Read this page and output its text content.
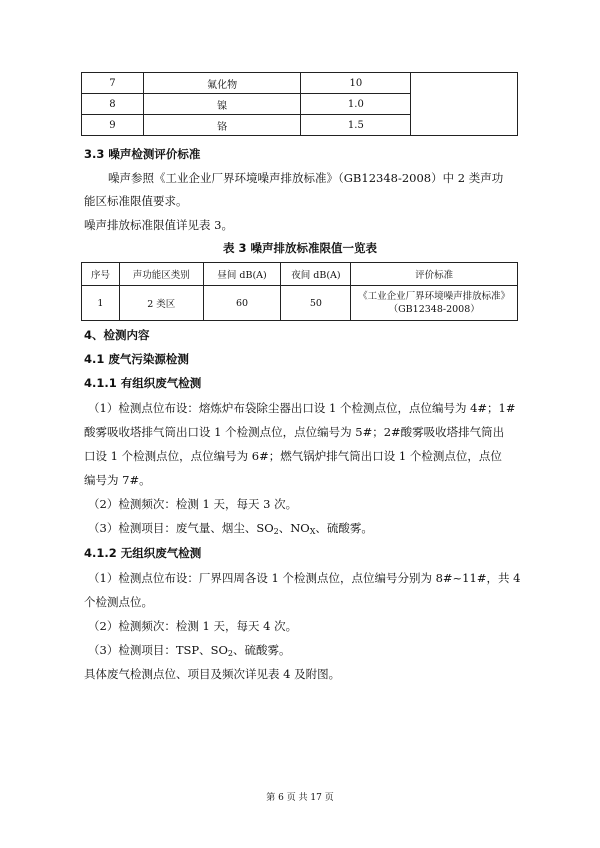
7	氟化物	10	
8	镍	1.0	
9	铬	1.5	
3.3 噪声检测评价标准
噪声参照《工业企业厂界环境噪声排放标准》（GB12348-2008）中 2 类声功
能区标准限值要求。
噪声排放标准限值详见表 3。
表 3 噪声排放标准限值一览表
序号	声功能区类别	昼间 dB(A)	夜间 dB(A)	评价标准
1	2 类区	60	50	《工业企业厂界环境噪声排放标准》
（GB12348-2008）
4、检测内容
4.1 废气污染源检测
4.1.1 有组织废气检测
（1）检测点位布设：熔炼炉布袋除尘器出口设 1 个检测点位，点位编号为 4#；1#
酸雾吸收塔排气筒出口设 1 个检测点位，点位编号为 5#；2#酸雾吸收塔排气筒出
口设 1 个检测点位，点位编号为 6#；燃气锅炉排气筒出口设 1 个检测点位，点位
编号为 7#。
（2）检测频次：检测 1 天，每天 3 次。
（3）检测项目：废气量、烟尘、$SO_2$、$NO_X$、硫酸雾。
4.1.2 无组织废气检测
（1）检测点位布设：厂界四周各设 1 个检测点位，点位编号分别为 8#~11#，共 4
个检测点位。
（2）检测频次：检测 1 天，每天 4 次。
（3）检测项目：TSP、$SO_2$、硫酸雾。
具体废气检测点位、项目及频次详见表 4 及附图。
第 6 页 共 17 页
